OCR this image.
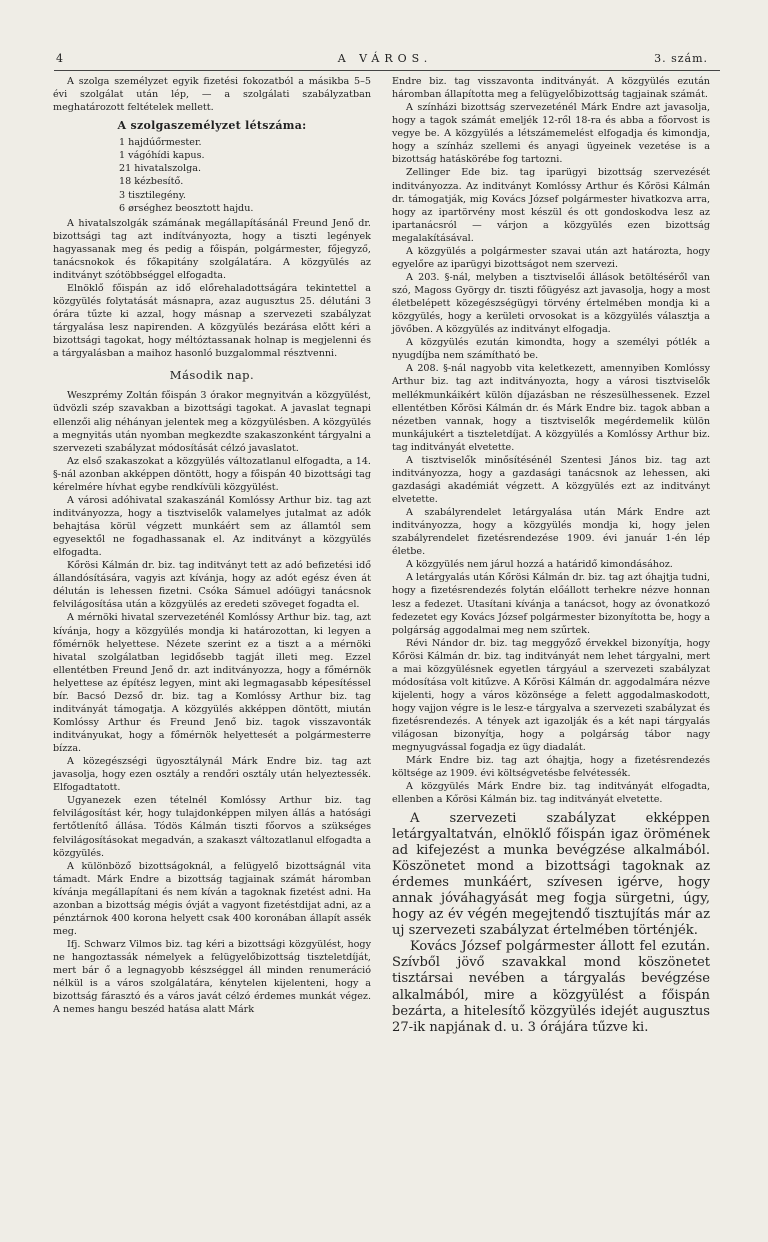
4	A VÁROS.	3. szám.

A szolga személyzet egyik fizetési fokozatból a másikba 5–5 évi szolgálat után lép, — a szolgálati szabályzatban meghatározott feltételek mellett.

A szolgaszemélyzet létszáma:
1 hajdúőrmester.
1 vágóhídi kapus.
21 hivatalszolga.
18 kézbesítő.
3 tisztilegény.
6 ørséghez beosztott hajdu.

A hivatalszolgák számának megállapításánál Freund Jenő dr. bizottsági tag azt indítványozta, hogy a tiszti legények hagyassanak meg és pedig a főispán, polgármester, főjegyző, tanácsnokok és főkapitány szolgálatára. A közgyülés az inditványt szótöbbséggel elfogadta.

Elnöklő főispán az idő előrehaladottságára tekintettel a közgyülés folytatását másnapra, azaz augusztus 25. délutáni 3 órára tűzte ki azzal, hogy másnap a szervezeti szabályzat tárgyalása lesz napirenden. A közgyülés bezárása előtt kéri a bizottsági tagokat, hogy méltóztassanak holnap is megjelenni és a tárgyalásban a maihoz hasonló buzgalommal résztvenni.

Második nap.

Weszprémy Zoltán főispán 3 órakor megnyitván a közgyülést, üdvözli szép szavakban a bizottsági tagokat. A javaslat tegnapi ellenzői alig néhányan jelentek meg a közgyülésben. A közgyülés a megnyitás után nyomban megkezdte szakaszonként tárgyalni a szervezeti szabályzat módosítását célzó javaslatot.

Az első szakaszokat a közgyülés változatlanul elfogadta, a 14. §-nál azonban akképpen döntött, hogy a főispán 40 bizottsági tag kérelmére hívhat egybe rendkívüli közgyülést.

A városi adóhivatal szakaszánál Komlóssy Arthur biz. tag azt inditványozza, hogy a tisztviselők valamelyes jutalmat az adók behajtása körül végzett munkáért sem az államtól sem egyesektől ne fogadhassanak el. Az inditványt a közgyülés elfogadta.

Kőrösi Kálmán dr. biz. tag inditványt tett az adó befizetési idő állandósítására, vagyis azt kívánja, hogy az adót egész éven át délután is lehessen fizetni. Csóka Sámuel adóügyi tanácsnok felvilágosítása után a közgyülés az eredeti szöveget fogadta el.

A mérnöki hivatal szervezeténél Komlóssy Arthur biz. tag, azt kívánja, hogy a közgyülés mondja ki határozottan, ki legyen a főmérnök helyettese. Nézete szerint ez a tiszt a a mérnöki hivatal szolgálatban legidősebb tagját illeti meg. Ezzel ellentétben Freund Jenő dr. azt inditványozza, hogy a főmérnök helyettese az építész legyen, mint aki legmagasabb képesítéssel bír. Bacsó Dezső dr. biz. tag a Komlóssy Arthur biz. tag inditványát támogatja. A közgyülés akképpen döntött, miután Komlóssy Arthur és Freund Jenő biz. tagok visszavonták inditványukat, hogy a főmérnök helyettesét a polgármesterre bízza.

A közegészségi ügyosztálynál Márk Endre biz. tag azt javasolja, hogy ezen osztály a rendőri osztály után helyeztessék. Elfogadtatott.

Ugyanezek ezen tételnél Komlóssy Arthur biz. tag felvilágosítást kér, hogy tulajdonképpen milyen állás a hatósági fertőtlenítő állása. Tódös Kálmán tiszti főorvos a szükséges felvilágosításokat megadván, a szakaszt változatlanul elfogadta a közgyülés.

A különböző bizottságoknál, a felügyelő bizottságnál vita támadt. Márk Endre a bizottság tagjainak számát háromban kívánja megállapítani és nem kíván a tagoknak fizetést adni. Ha azonban a bizottság mégis óvját a vagyont fizetéstdijat adni, az a pénztárnok 400 korona helyett csak 400 koronában állapít assék meg.

Ifj. Schwarz Vilmos biz. tag kéri a bizottsági közgyülést, hogy ne hangoztassák némelyek a felügyelőbizottság tiszteletdíját, mert bár ő a legnagyobb készséggel áll minden renumeráció nélkül is a város szolgálatára, kénytelen kijelenteni, hogy a bizottság fárasztó és a város javát célzó érdemes munkát végez. A nemes hangu beszéd hatása alatt Márk

Endre biz. tag visszavonta inditványát. A közgyülés ezután háromban állapította meg a felügyelőbizottság tagjainak számát.

A színházi bizottság szervezeténél Márk Endre azt javasolja, hogy a tagok számát emeljék 12-ről 18-ra és abba a főorvost is vegye be. A közgyülés a létszámemelést elfogadja és kimondja, hogy a színház szellemi és anyagi ügyeinek vezetése is a bizottság hatáskörébe fog tartozni.

Zellinger Ede biz. tag iparügyi bizottság szervezését inditványozza. Az inditványt Komlóssy Arthur és Kőrösi Kálmán dr. támogatják, mig Kovács József polgármester hivatkozva arra, hogy az ipartörvény most készül és ott gondoskodva lesz az ipartanácsról — várjon a közgyülés ezen bizottság megalakításával.

A közgyülés a polgármester szavai után azt határozta, hogy egyelőre az iparügyi bizottságot nem szervezi.

A 203. §-nál, melyben a tisztviselői állások betöltéséről van szó, Magoss György dr. tiszti főügyész azt javasolja, hogy a most életbelépett közegészségügyi törvény értelmében mondja ki a közgyülés, hogy a kerületi orvosokat is a közgyülés választja a jövőben. A közgyülés az inditványt elfogadja.

A közgyülés ezután kimondta, hogy a személyi pótlék a nyugdíjba nem számítható be.

A 208. §-nál nagyobb vita keletkezett, amennyiben Komlóssy Arthur biz. tag azt inditványozta, hogy a városi tisztviselők mellékmunkáikért külön díjazásban ne részesülhessenek. Ezzel ellentétben Kőrösi Kálmán dr. és Márk Endre biz. tagok abban a nézetben vannak, hogy a tisztviselők megérdemelik külön munkájukért a tiszteletdíjat. A közgyülés a Komlóssy Arthur biz. tag inditványát elvetette.

A tisztviselők minősítésénél Szentesi János biz. tag azt inditványozza, hogy a gazdasági tanácsnok az lehessen, aki gazdasági akadémiát végzett. A közgyülés ezt az inditványt elvetette.

A szabályrendelet letárgyalása után Márk Endre azt inditványozza, hogy a közgyülés mondja ki, hogy jelen szabályrendelet fizetésrendezése 1909. évi január 1-én lép életbe.

A közgyülés nem járul hozzá a határidő kimondásához.

A letárgyalás után Kőrösi Kálmán dr. biz. tag azt óhajtja tudni, hogy a fizetésrendezés folytán előállott terhekre nézve honnan lesz a fedezet. Utasítani kívánja a tanácsot, hogy az óvonatkozó fedezetet egy Kovács József polgármester bizonyította be, hogy a polgárság aggodalmai meg nem szűrtek.

Révi Nándor dr. biz. tag meggyőző érvekkel bizonyítja, hogy Kőrösi Kálmán dr. biz. tag inditványát nem lehet tárgyalni, mert a mai közgyülésnek egyetlen tárgyául a szervezeti szabályzat módosítása volt kitűzve. A Kőrösi Kálmán dr. aggodalmára nézve kijelenti, hogy a város közönsége a felett aggodalmaskodott, hogy vajjon végre is le lesz-e tárgyalva a szervezeti szabályzat és fizetésrendezés. A tények azt igazolják és a két napi tárgyalás világosan bizonyítja, hogy a polgárság tábor nagy megnyugvással fogadja ez ügy diadalát.

Márk Endre biz. tag azt óhajtja, hogy a fizetésrendezés költsége az 1909. évi költségvetésbe felvétessék.

A közgyülés Márk Endre biz. tag inditványát elfogadta, ellenben a Kőrösi Kálmán biz. tag inditványát elvetette.

A szervezeti szabályzat ekképpen letárgyaltatván, elnöklő főispán igaz örömének ad kifejezést a munka bevégzése alkalmából. Köszönetet mond a bizottsági tagoknak az érdemes munkáért, szívesen igérve, hogy annak jóváhagyását meg fogja sürgetni, úgy, hogy az év végén megejtendő tisztujítás már az uj szervezeti szabályzat értelmében történjék.

Kovács József polgármester állott fel ezután. Szívből jövő szavakkal mond köszönetet tisztársai nevében a tárgyalás bevégzése alkalmából, mire a közgyülést a főispán bezárta, a hitelesítő közgyülés idejét augusztus 27-ik napjának d. u. 3 órájára tűzve ki.
